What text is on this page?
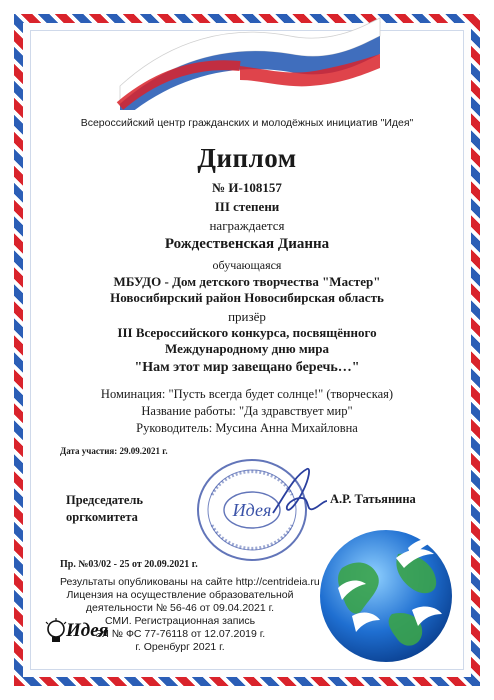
Всероссийский центр гражданских и молодёжных инициатив "Идея"
Диплом
№ И-108157
III степени
награждается
Рождественская Дианна
обучающаяся
МБУДО - Дом детского творчества "Мастер"
Новосибирский район Новосибирская область
призёр
III Всероссийского конкурса, посвящённого
Международному дню мира
"Нам этот мир завещано беречь…"
Номинация: "Пусть всегда будет солнце!" (творческая)
Название работы: "Да здравствует мир"
Руководитель: Мусина Анна Михайловна
Дата участия: 29.09.2021 г.
Идея
Председатель
оргкомитета
А.Р. Татьянина
Пр. №03/02 - 25 от 20.09.2021 г.
Результаты опубликованы на сайте http://centrideia.ru
Лицензия на осуществление образовательной
деятельности № 56-46 от 09.04.2021 г.
СМИ. Регистрационная запись
ЭЛ № ФС 77-76118 от 12.07.2019 г.
г. Оренбург 2021 г.
Идея
